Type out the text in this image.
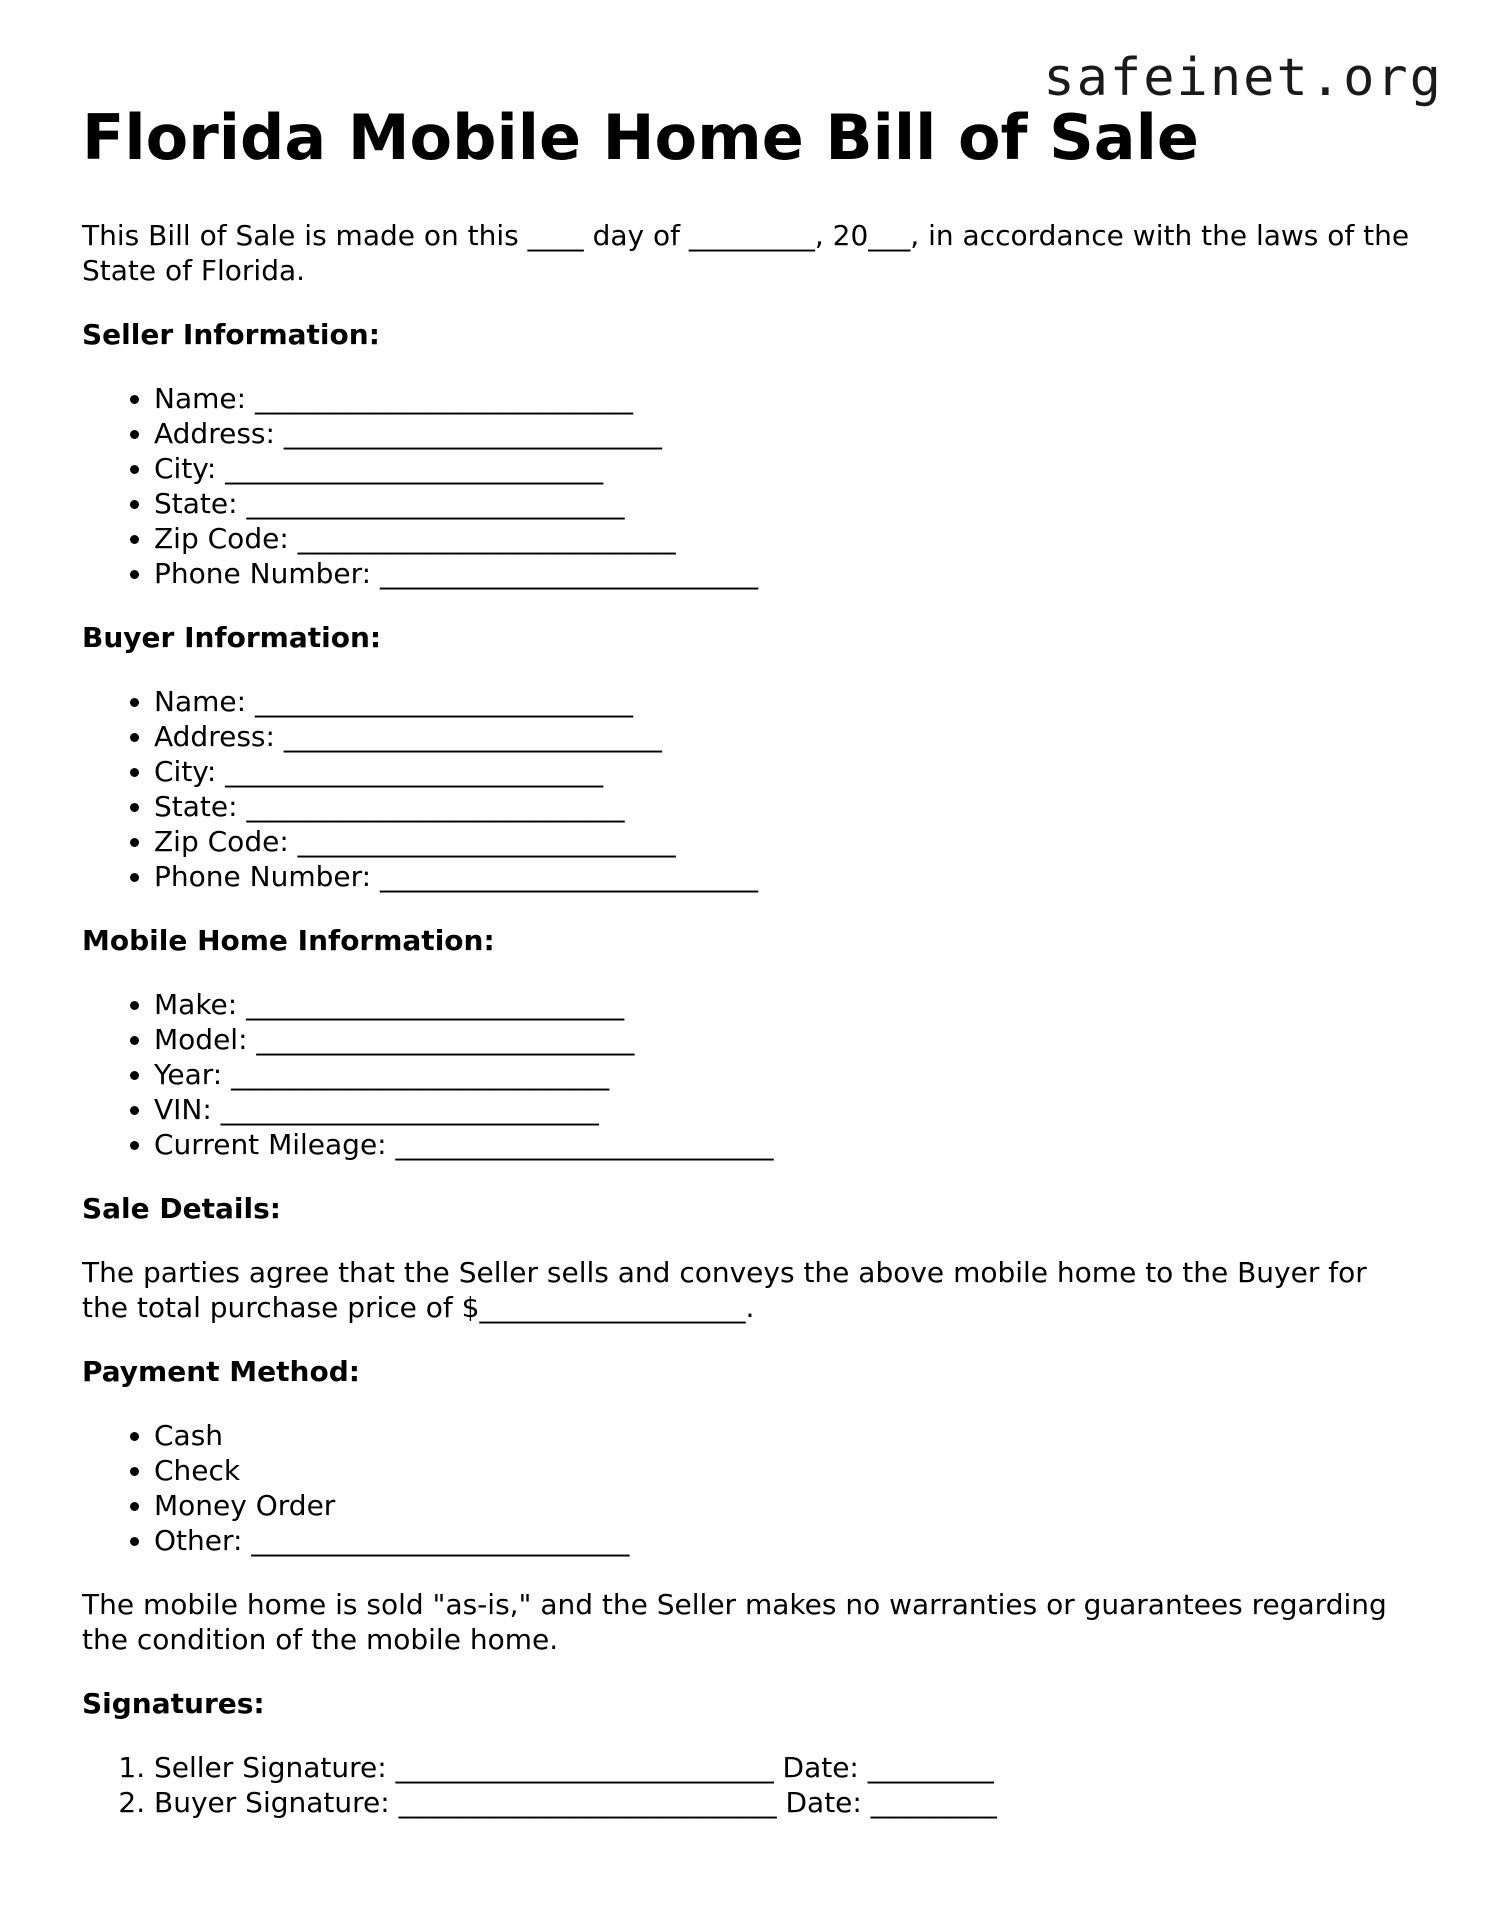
safeinet.org
Florida Mobile Home Bill of Sale

This Bill of Sale is made on this ____ day of _________, 20___, in accordance with the laws of the State of Florida.

Seller Information:
• Name: ___________________________
• Address: ___________________________
• City: ___________________________
• State: ___________________________
• Zip Code: ___________________________
• Phone Number: ___________________________
Buyer Information:
• Name: ___________________________
• Address: ___________________________
• City: ___________________________
• State: ___________________________
• Zip Code: ___________________________
• Phone Number: ___________________________
Mobile Home Information:
• Make: ___________________________
• Model: ___________________________
• Year: ___________________________
• VIN: ___________________________
• Current Mileage: ___________________________
Sale Details:

The parties agree that the Seller sells and conveys the above mobile home to the Buyer for the total purchase price of $___________________.

Payment Method:
• Cash
• Check
• Money Order
• Other: ___________________________

The mobile home is sold "as-is," and the Seller makes no warranties or guarantees regarding the condition of the mobile home.

Signatures:
1. Seller Signature: ___________________________ Date: _________
2. Buyer Signature: ___________________________ Date: _________
